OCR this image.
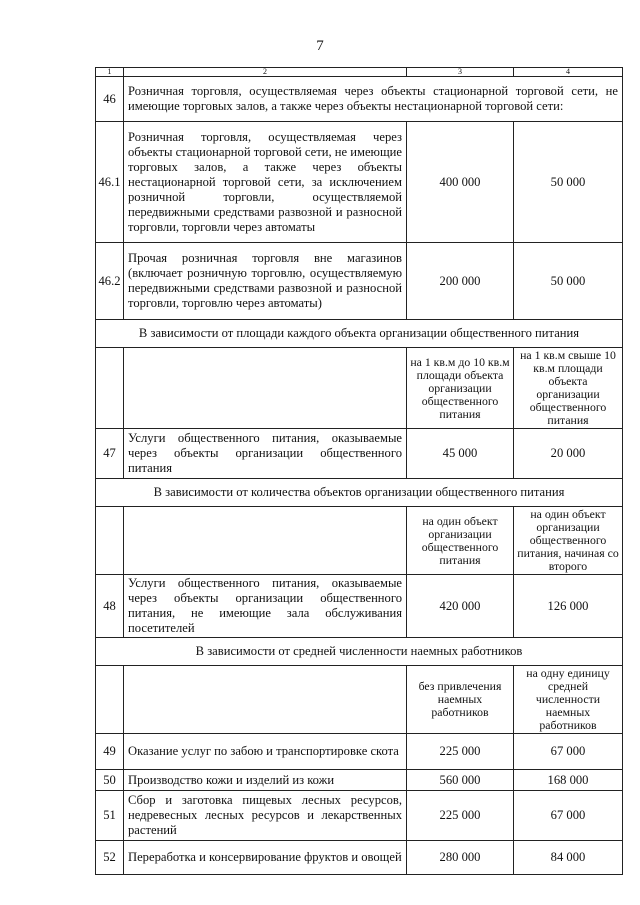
7
1	2	3	4
46	Розничная торговля, осуществляемая через объекты стационарной торговой сети, не имеющие торговых залов, а также через объекты нестационарной торговой сети:		
46.1	Розничная торговля, осуществляемая через объекты стационарной торговой сети, не имеющие торговых залов, а также через объекты нестационарной торговой сети, за исключением розничной торговли, осуществляемой передвижными средствами развозной и разносной торговли, торговли через автоматы	400 000	50 000
46.2	Прочая розничная торговля вне магазинов (включает розничную торговлю, осуществляемую передвижными средствами развозной и разносной торговли, торговлю через автоматы)	200 000	50 000
В зависимости от площади каждого объекта организации общественного питания			
		на 1 кв.м до 10 кв.м площади объекта организации общественного питания	на 1 кв.м свыше 10 кв.м площади объекта организации общественного питания
47	Услуги общественного питания, оказываемые через объекты организации общественного питания	45 000	20 000
В зависимости от количества объектов организации общественного питания			
		на один объект организации общественного питания	на один объект организации общественного питания, начиная со второго
48	Услуги общественного питания, оказываемые через объекты организации общественного питания, не имеющие зала обслуживания посетителей	420 000	126 000
В зависимости от средней численности наемных работников			
		без привлечения наемных работников	на одну единицу средней численности наемных работников
49	Оказание услуг по забою и транспортировке скота	225 000	67 000
50	Производство кожи и изделий из кожи	560 000	168 000
51	Сбор и заготовка пищевых лесных ресурсов, недревесных лесных ресурсов и лекарственных растений	225 000	67 000
52	Переработка и консервирование фруктов и овощей	280 000	84 000
